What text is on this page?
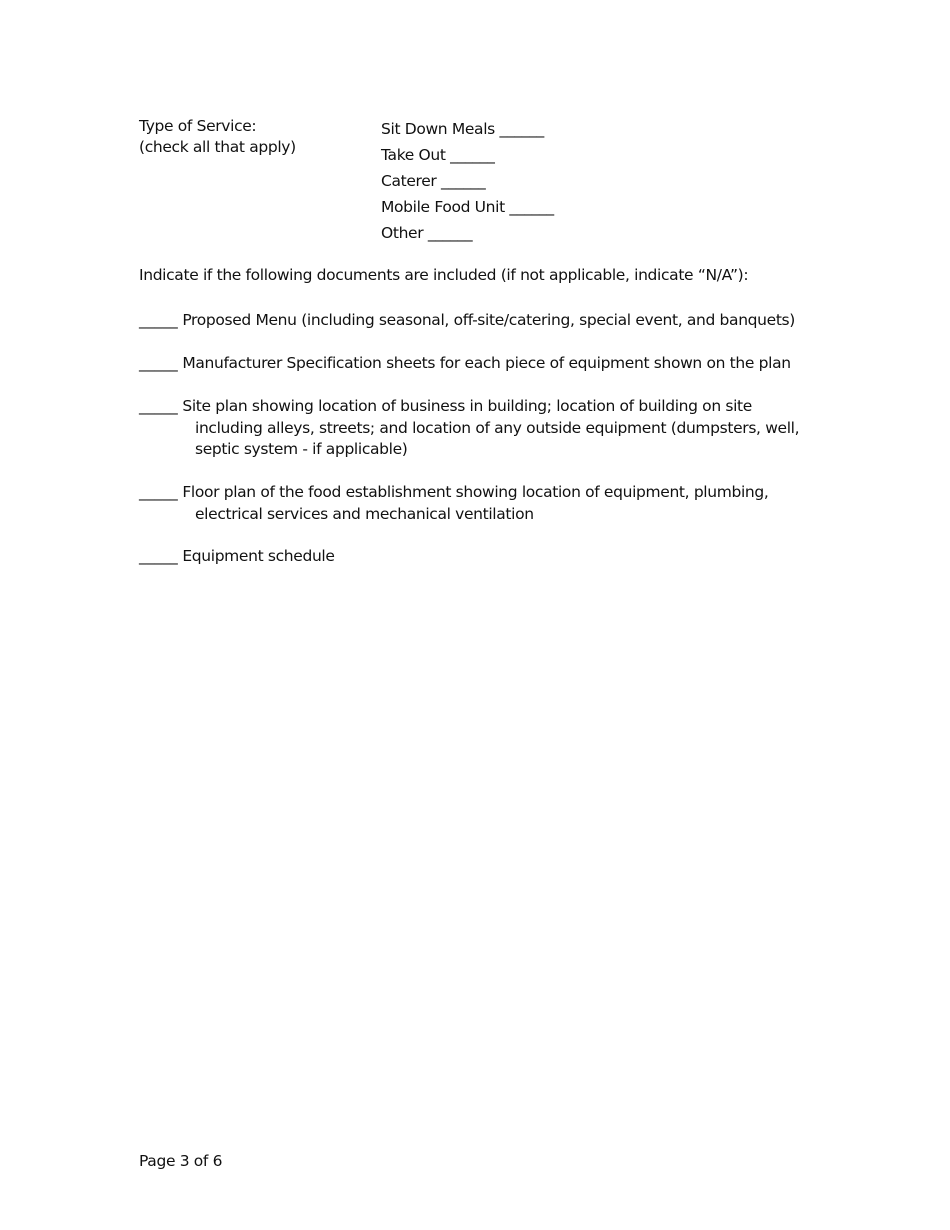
Type of Service:
(check all that apply)
Sit Down Meals ______
Take Out ______
Caterer ______
Mobile Food Unit ______
Other ______
Indicate if the following documents are included (if not applicable, indicate “N/A”):
_____ Proposed Menu (including seasonal, off-site/catering, special event, and banquets)
_____ Manufacturer Specification sheets for each piece of equipment shown on the plan
_____ Site plan showing location of business in building; location of building on site
including alleys, streets; and location of any outside equipment (dumpsters, well,
septic system - if applicable)
_____ Floor plan of the food establishment showing location of equipment, plumbing,
electrical services and mechanical ventilation
_____ Equipment schedule
Page 3 of 6
